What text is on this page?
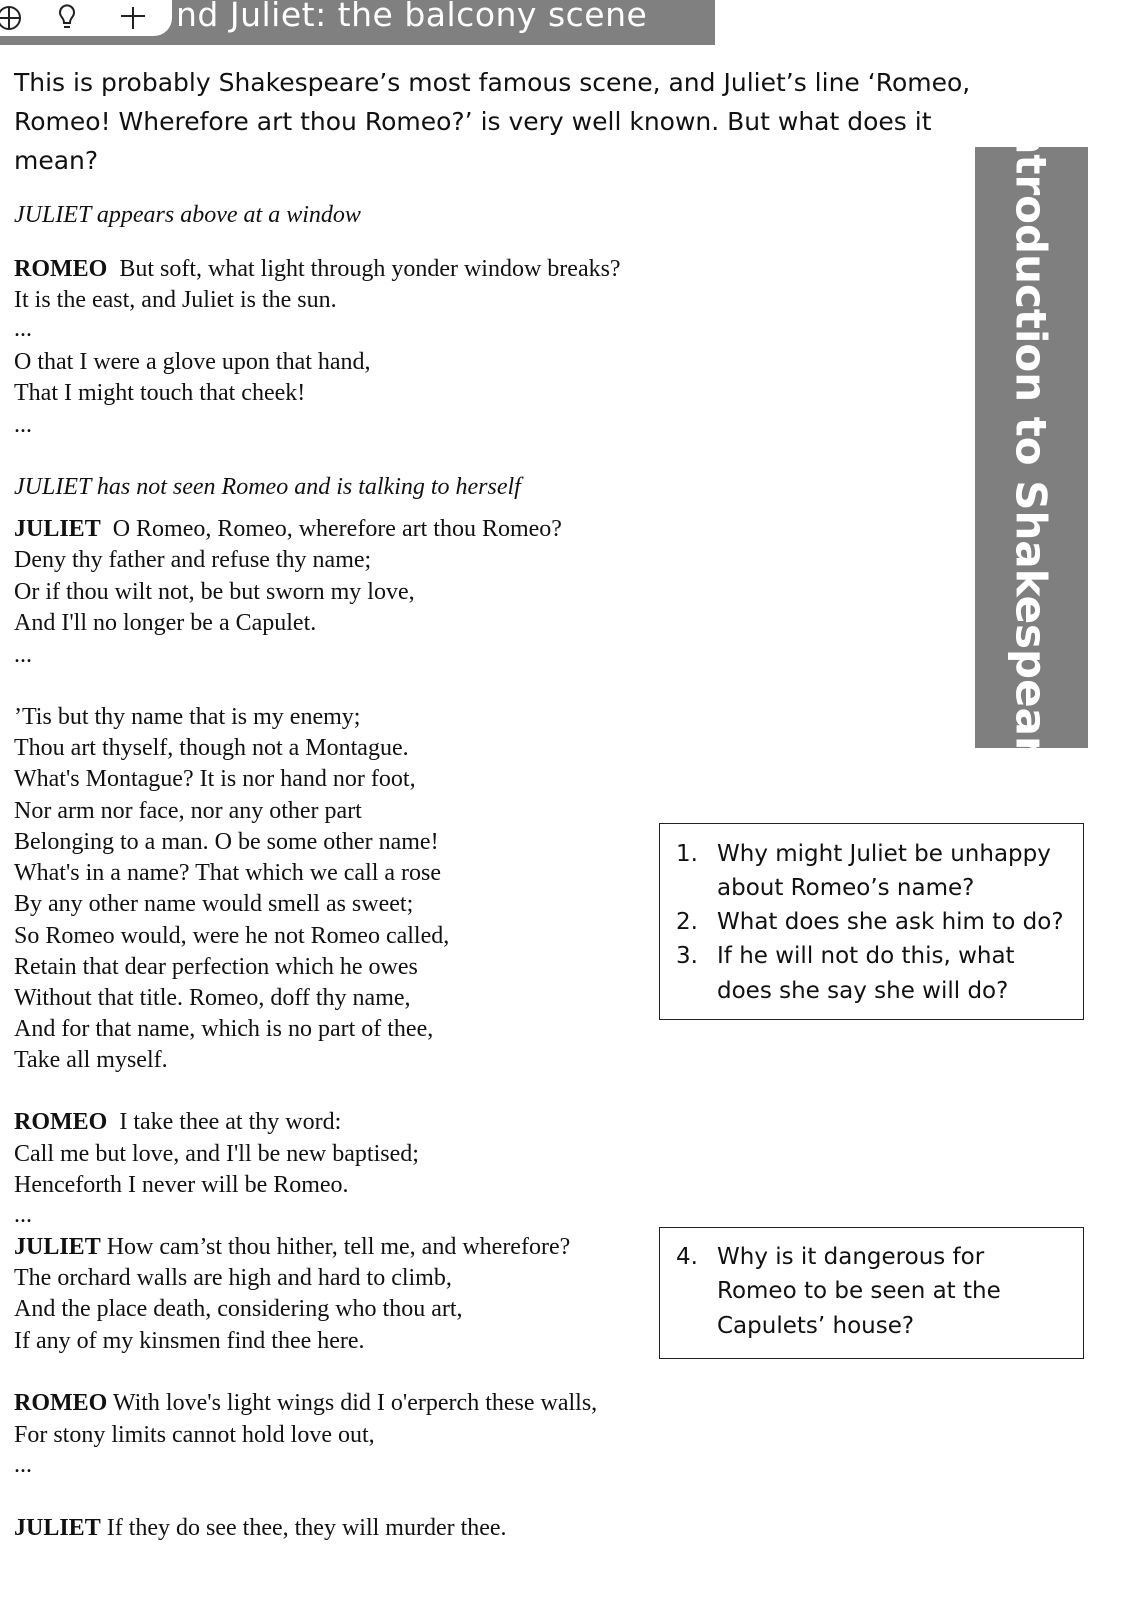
nd Juliet: the balcony scene
This is probably Shakespeare’s most famous scene, and Juliet’s line ‘Romeo,
Romeo! Wherefore art thou Romeo?’ is very well known. But what does it
mean?	Introduction to Shakespeare
JULIET appears above at a window
ROMEO But soft, what light through yonder window breaks?
It is the east, and Juliet is the sun.
...
O that I were a glove upon that hand,
That I might touch that cheek!
...
JULIET has not seen Romeo and is talking to herself
JULIET O Romeo, Romeo, wherefore art thou Romeo?
Deny thy father and refuse thy name;
Or if thou wilt not, be but sworn my love,
And I'll no longer be a Capulet.
...
’Tis but thy name that is my enemy;
Thou art thyself, though not a Montague.
What's Montague? It is nor hand nor foot,
Nor arm nor face, nor any other part
Belonging to a man. O be some other name!
What's in a name? That which we call a rose
By any other name would smell as sweet;
So Romeo would, were he not Romeo called,
Retain that dear perfection which he owes
Without that title. Romeo, doff thy name,
And for that name, which is no part of thee,
Take all myself.
ROMEO I take thee at thy word:
Call me but love, and I'll be new baptised;
Henceforth I never will be Romeo.
...
JULIET How cam’st thou hither, tell me, and wherefore?
The orchard walls are high and hard to climb,
And the place death, considering who thou art,
If any of my kinsmen find thee here.
ROMEO With love's light wings did I o'erperch these walls,
For stony limits cannot hold love out,
...
JULIET If they do see thee, they will murder thee.
1. Why might Juliet be unhappy
about Romeo’s name?
2. What does she ask him to do?
3. If he will not do this, what
does she say she will do?
4. Why is it dangerous for
Romeo to be seen at the
Capulets’ house?
